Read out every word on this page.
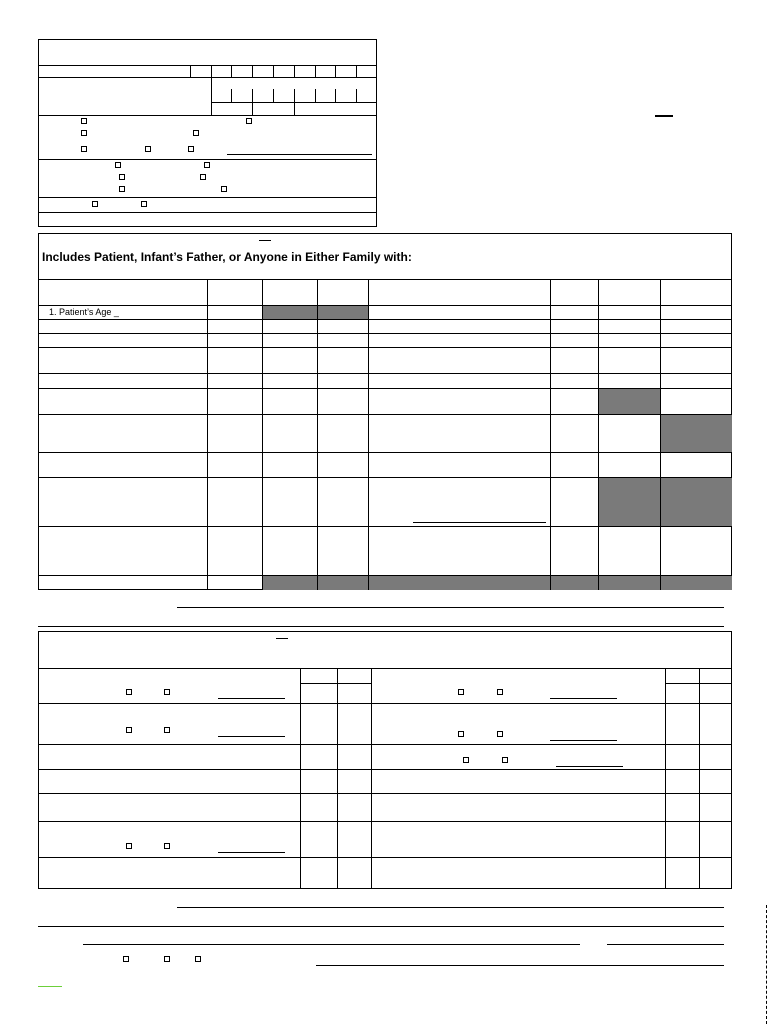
Includes Patient, Infant’s Father, or Anyone in Either Family with:
1. Patient’s Age _
